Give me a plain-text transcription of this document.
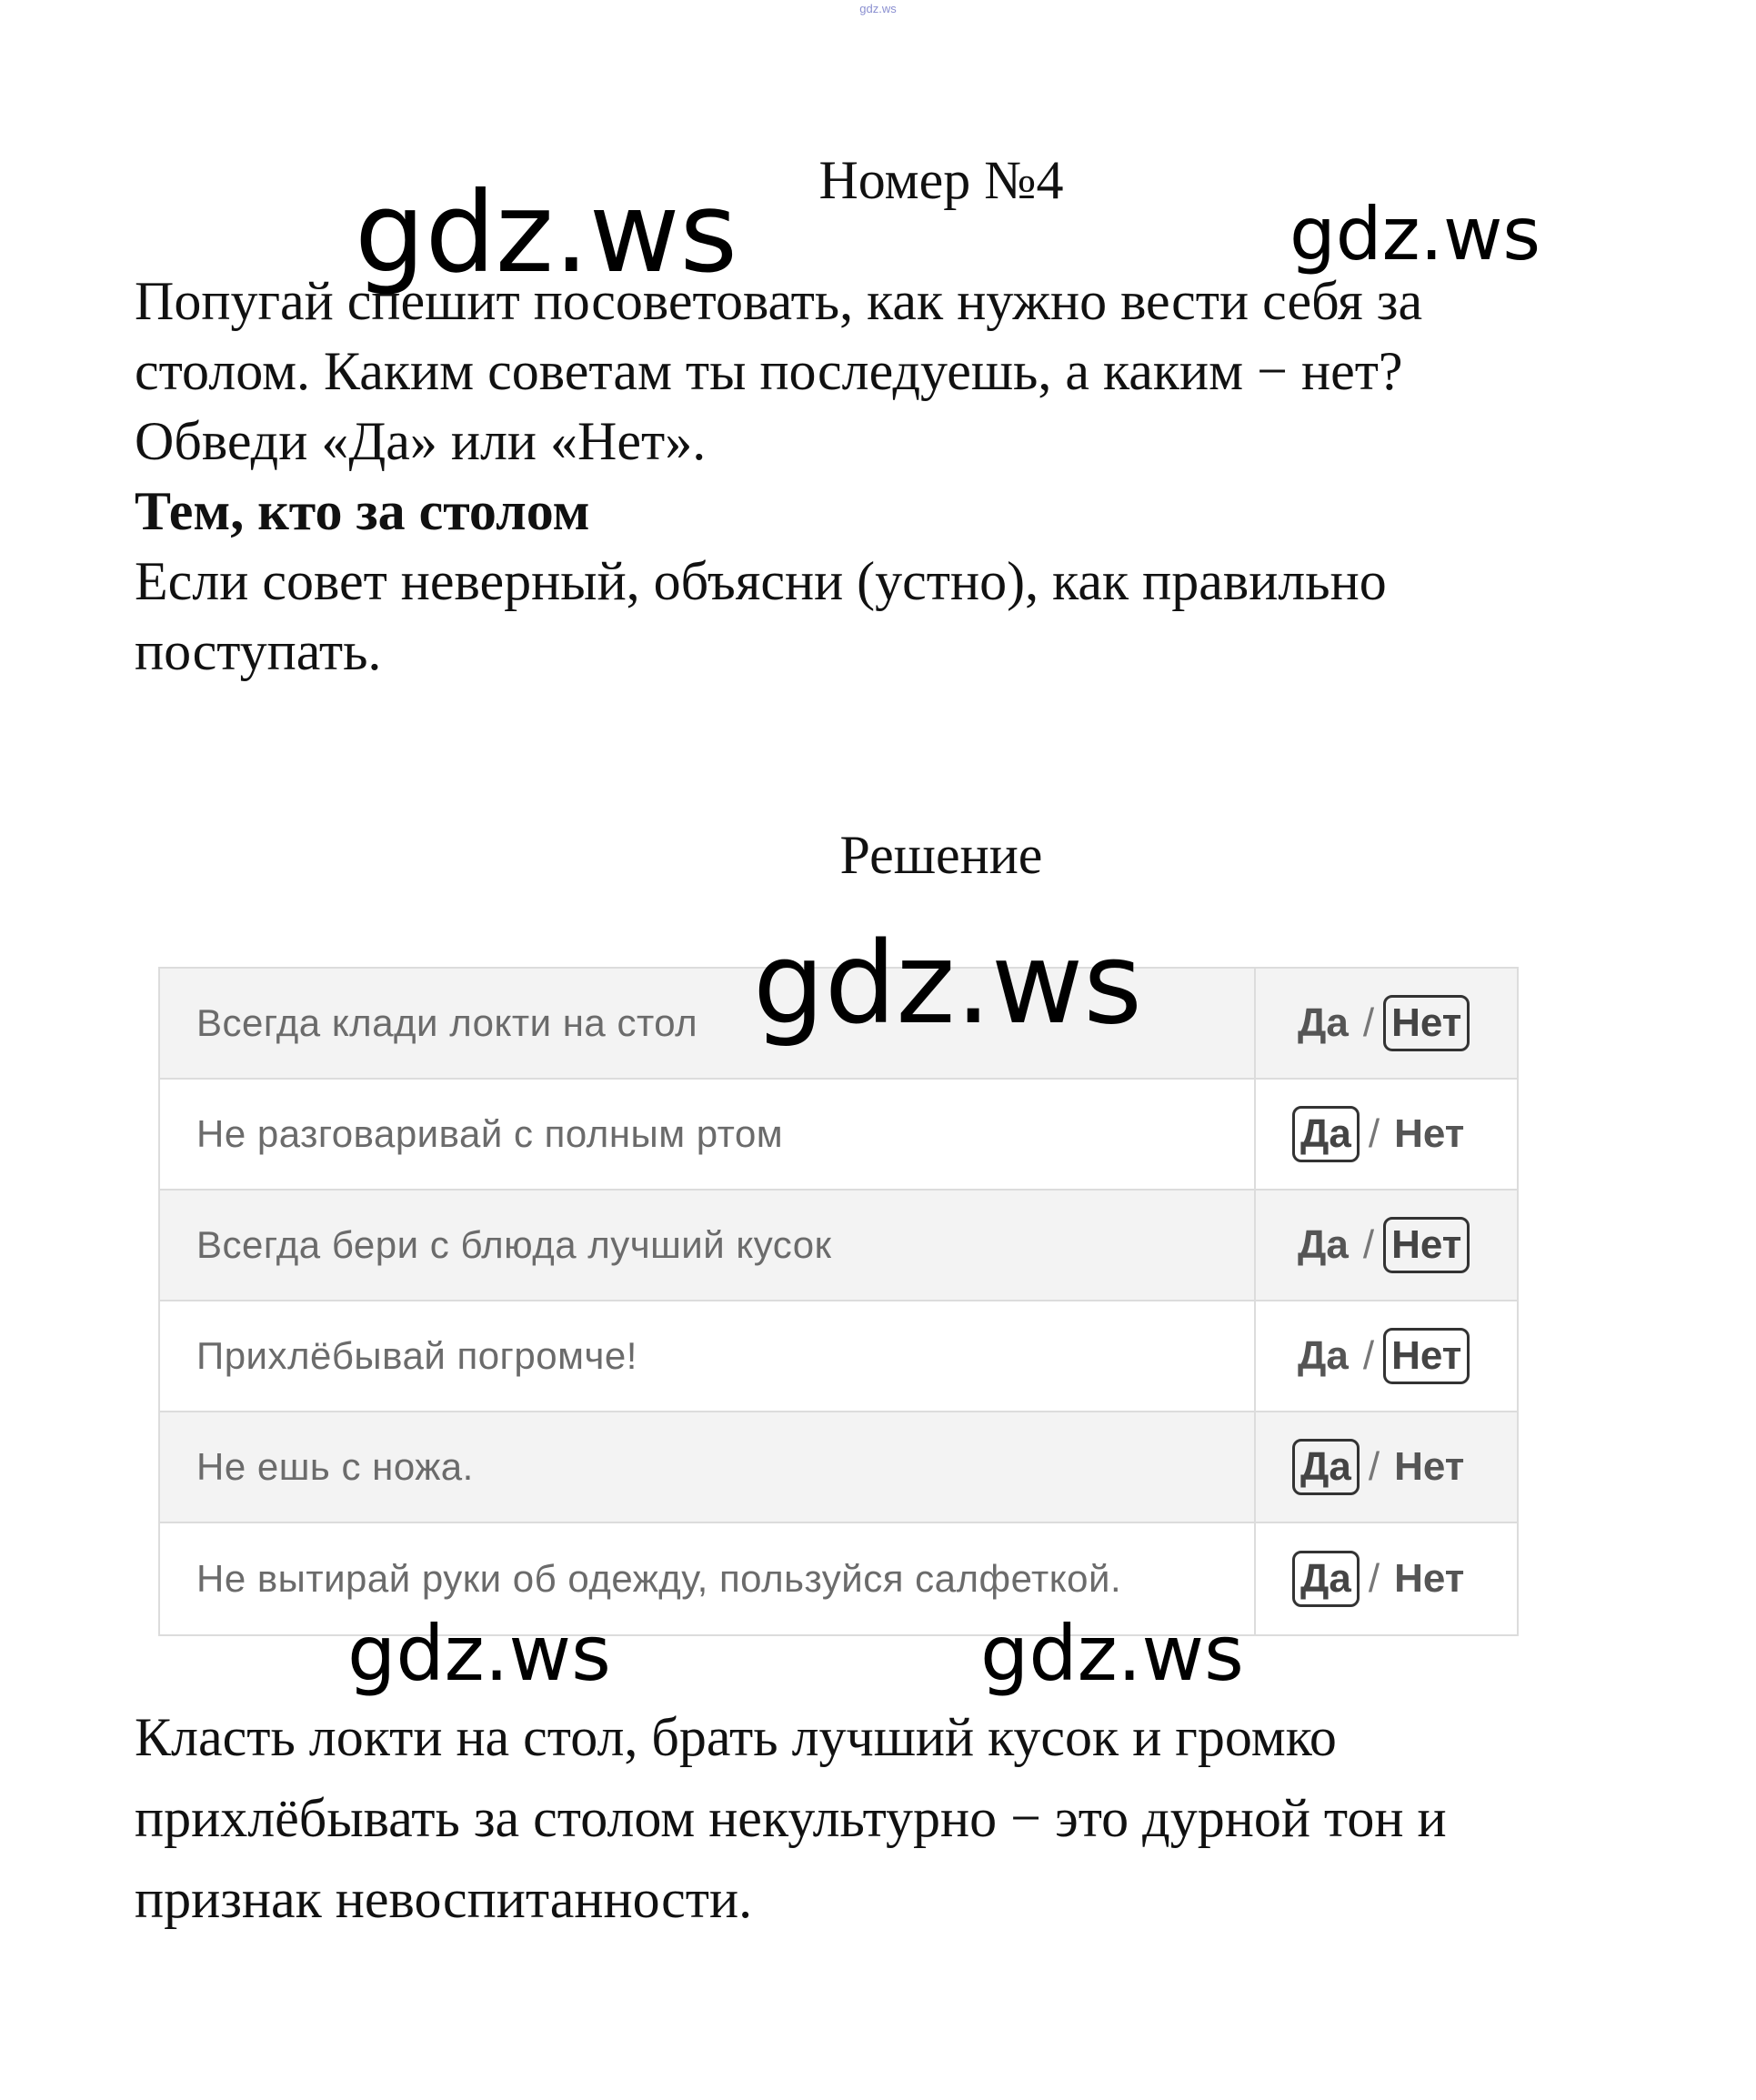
gdz.ws
Номер №4
gdz.ws	gdz.ws

Попугай спешит посоветовать, как нужно вести себя за

столом. Каким советам ты последуешь, а каким − нет?

Обведи «Да» или «Нет».

Тем, кто за столом

Если совет неверный, объясни (устно), как правильно

поступать.

Решение
Всегда клади локти на стол	Да / Нет
Не разговаривай с полным ртом	Да / Нет
Всегда бери с блюда лучший кусок	Да / Нет
Прихлёбывай погромче!	Да / Нет
Не ешь с ножа.	Да / Нет
Не вытирай руки об одежду, пользуйся салфеткой.	Да / Нет
gdz.ws
gdz.ws	gdz.ws
Класть локти на стол, брать лучший кусок и громко
прихлёбывать за столом некультурно − это дурной тон и
признак невоспитанности.
